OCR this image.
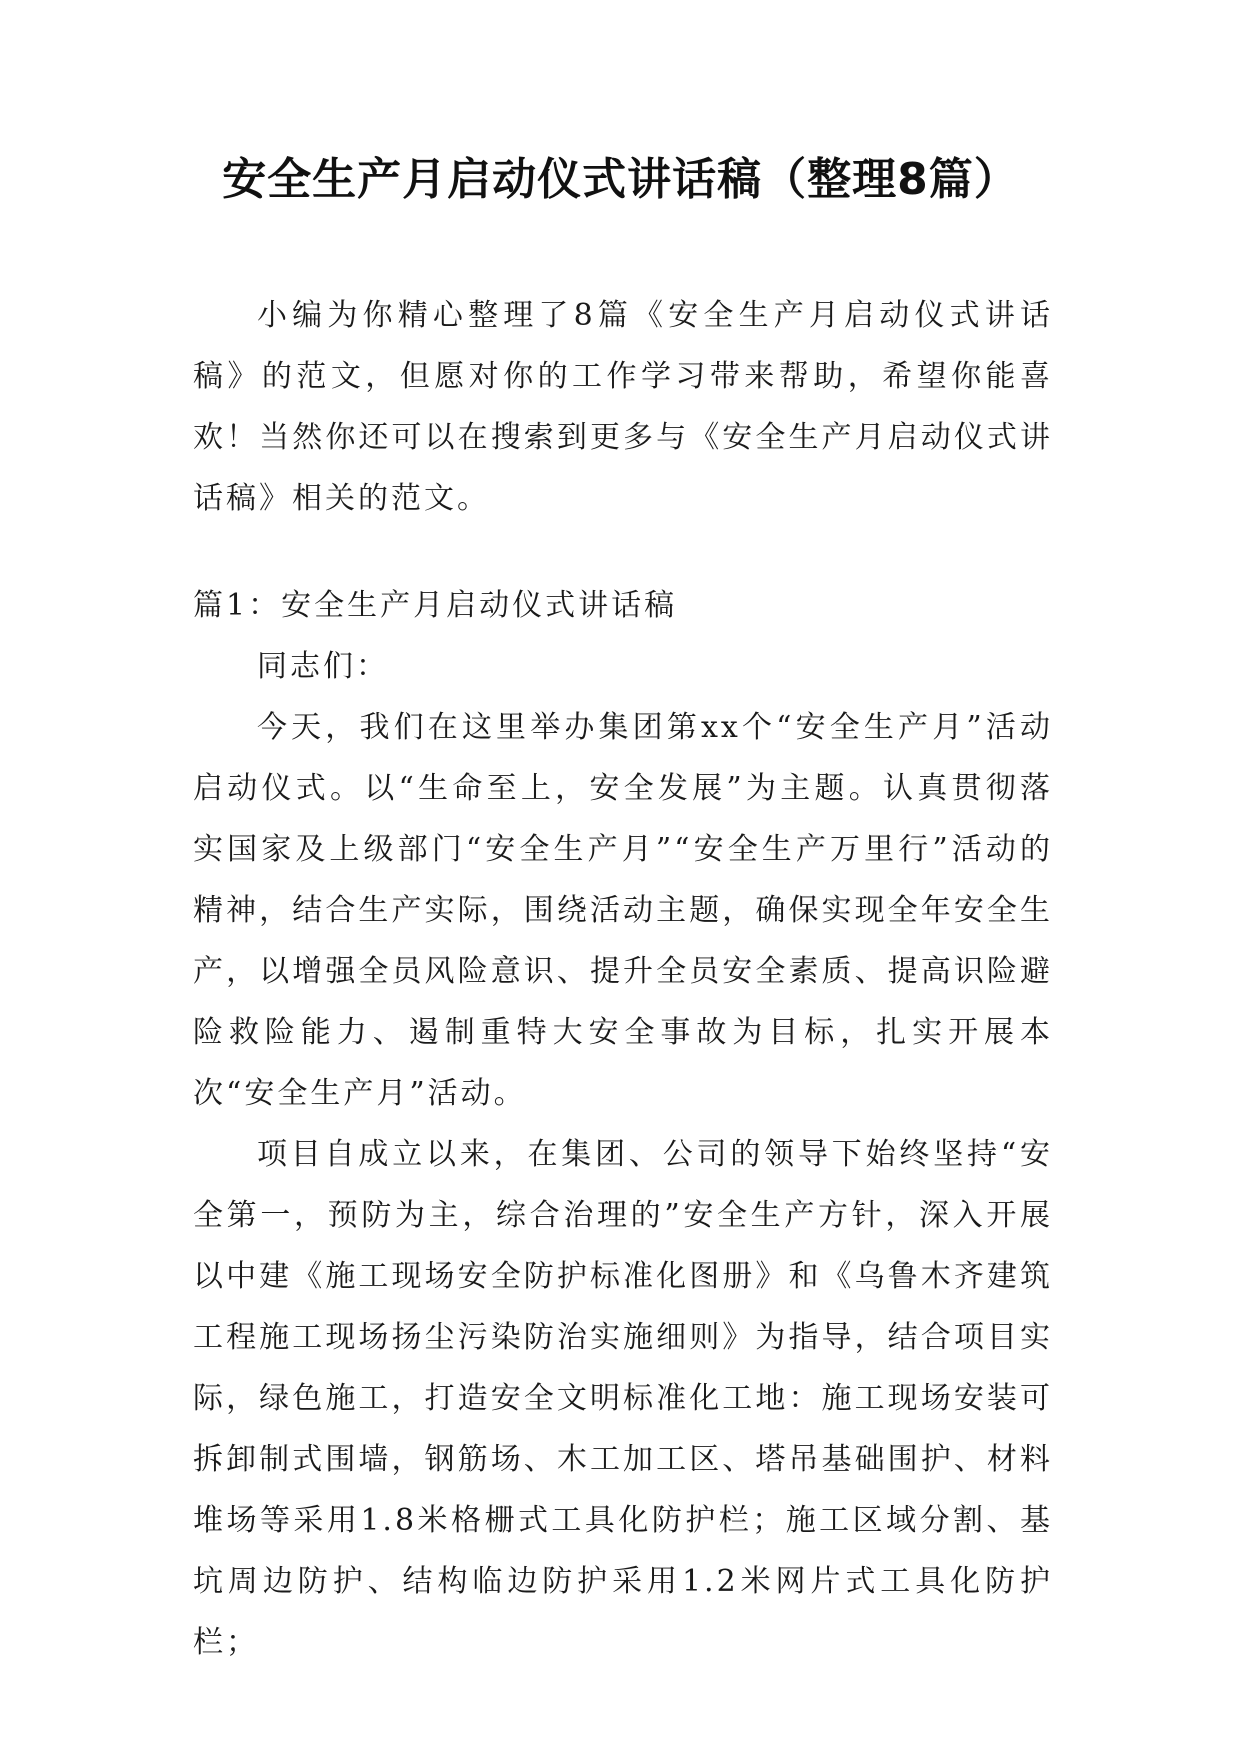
安全生产月启动仪式讲话稿（整理8篇）
小编为你精心整理了8篇《安全生产月启动仪式讲话稿》的范文，但愿对你的工作学习带来帮助，希望你能喜欢！当然你还可以在搜索到更多与《安全生产月启动仪式讲话稿》相关的范文。
篇1：安全生产月启动仪式讲话稿
同志们：
今天，我们在这里举办集团第xx个“安全生产月”活动启动仪式。以“生命至上，安全发展”为主题。认真贯彻落实国家及上级部门“安全生产月”“安全生产万里行”活动的精神，结合生产实际，围绕活动主题，确保实现全年安全生产，以增强全员风险意识、提升全员安全素质、提高识险避险救险能力、遏制重特大安全事故为目标，扎实开展本次“安全生产月”活动。
项目自成立以来，在集团、公司的领导下始终坚持“安全第一，预防为主，综合治理的”安全生产方针，深入开展以中建《施工现场安全防护标准化图册》和《乌鲁木齐建筑工程施工现场扬尘污染防治实施细则》为指导，结合项目实际，绿色施工，打造安全文明标准化工地：施工现场安装可拆卸制式围墙，钢筋场、木工加工区、塔吊基础围护、材料堆场等采用1.8米格栅式工具化防护栏；施工区域分割、基坑周边防护、结构临边防护采用1.2米网片式工具化防护栏；
